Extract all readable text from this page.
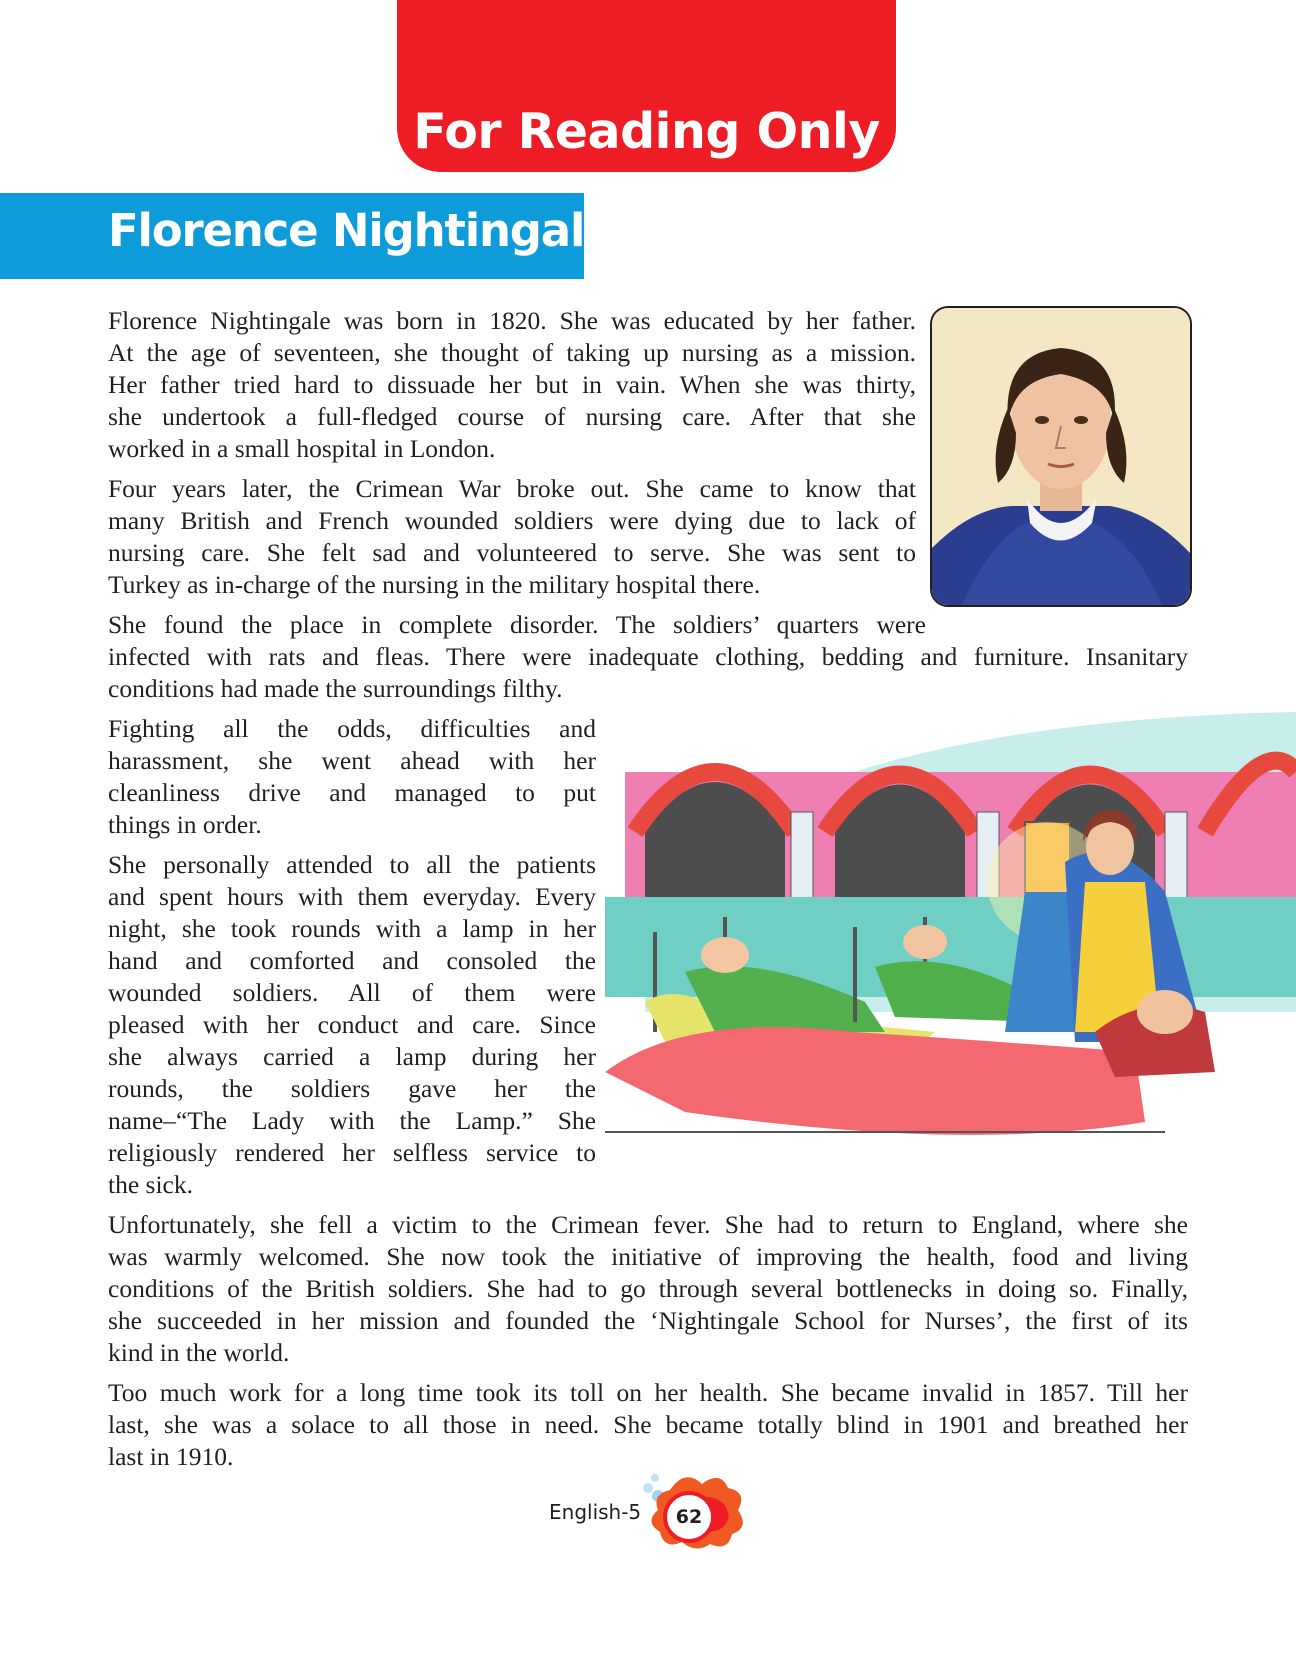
For Reading Only
Florence Nightingale
Florence Nightingale was born in 1820. She was educated by her father.
At the age of seventeen, she thought of taking up nursing as a mission.
Her father tried hard to dissuade her but in vain. When she was thirty,
she undertook a full-fledged course of nursing care. After that she
worked in a small hospital in London.
Four years later, the Crimean War broke out. She came to know that
many British and French wounded soldiers were dying due to lack of
nursing care. She felt sad and volunteered to serve. She was sent to
Turkey as in-charge of the nursing in the military hospital there.
She found the place in complete disorder. The soldiers’ quarters were
infected with rats and fleas. There were inadequate clothing, bedding and furniture. Insanitary
conditions had made the surroundings filthy.
Fighting all the odds, difficulties and
harassment, she went ahead with her
cleanliness drive and managed to put
things in order.
She personally attended to all the patients
and spent hours with them everyday. Every
night, she took rounds with a lamp in her
hand and comforted and consoled the
wounded soldiers. All of them were
pleased with her conduct and care. Since
she always carried a lamp during her
rounds, the soldiers gave her the
name–“The Lady with the Lamp.” She
religiously rendered her selfless service to
the sick.
Unfortunately, she fell a victim to the Crimean fever. She had to return to England, where she
was warmly welcomed. She now took the initiative of improving the health, food and living
conditions of the British soldiers. She had to go through several bottlenecks in doing so. Finally,
she succeeded in her mission and founded the ‘Nightingale School for Nurses’, the first of its
kind in the world.
Too much work for a long time took its toll on her health. She became invalid in 1857. Till her
last, she was a solace to all those in need. She became totally blind in 1901 and breathed her
last in 1910.
English-5	62
